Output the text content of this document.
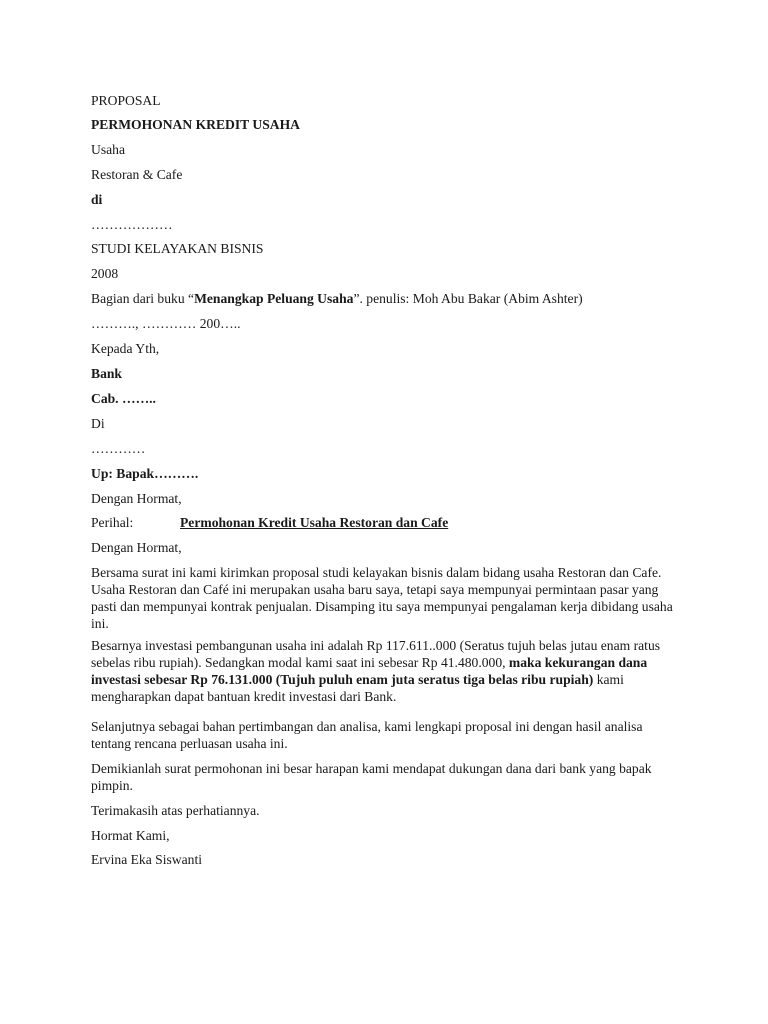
PROPOSAL
PERMOHONAN KREDIT USAHA
Usaha
Restoran & Cafe
di
………………
STUDI KELAYAKAN BISNIS
2008
Bagian dari buku “Menangkap Peluang Usaha”. penulis: Moh Abu Bakar (Abim Ashter)
………., ………… 200…..
Kepada Yth,
Bank
Cab. ……..
Di
…………
Up: Bapak……….
Dengan Hormat,
Perihal:	Permohonan Kredit Usaha Restoran dan Cafe
Dengan Hormat,
Bersama surat ini kami kirimkan proposal studi kelayakan bisnis dalam bidang usaha Restoran dan Cafe. Usaha Restoran dan Café ini merupakan usaha baru saya, tetapi saya mempunyai permintaan pasar yang pasti dan mempunyai kontrak penjualan. Disamping itu saya mempunyai pengalaman kerja dibidang usaha ini.
Besarnya investasi pembangunan usaha ini adalah Rp 117.611..000 (Seratus tujuh belas jutau enam ratus sebelas ribu rupiah). Sedangkan modal kami saat ini sebesar Rp 41.480.000, maka kekurangan dana investasi sebesar Rp 76.131.000 (Tujuh puluh enam juta seratus tiga belas ribu rupiah) kami mengharapkan dapat bantuan kredit investasi dari Bank.
Selanjutnya sebagai bahan pertimbangan dan analisa, kami lengkapi proposal ini dengan hasil analisa tentang rencana perluasan usaha ini.
Demikianlah surat permohonan ini besar harapan kami mendapat dukungan dana dari bank yang bapak pimpin.
Terimakasih atas perhatiannya.
Hormat Kami,
Ervina Eka Siswanti
